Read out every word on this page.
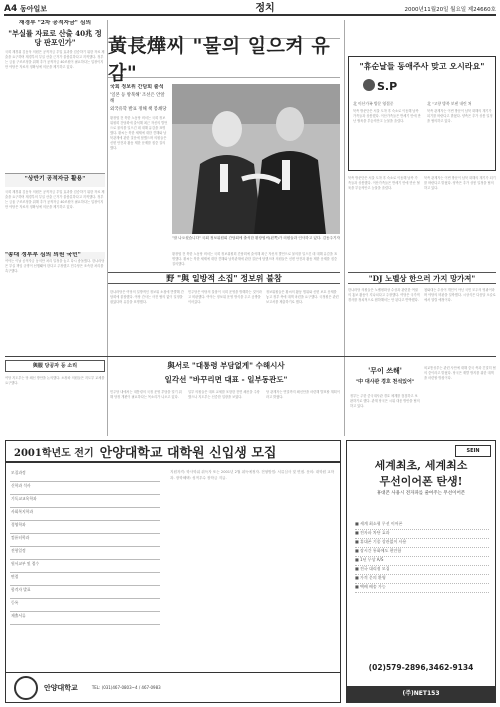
A4 동아일보	정치	2000년11월20일 월요일 제24660호
재경부 "2차 공적자금" 심의
"부실률 자료로 산출 40兆 정당 판포인가"
국회 재경위 김동욱 의원은 공적자금 투입 효과를 검증하기 위한 자료 제출을 요구하며 재경부의 부실 산출 근거가 불충분하다고 지적했다. 정부는 금융 구조조정을 위해 추가 공적자금 40조원이 필요하다는 입장이지만 야당은 자료의 정확성에 의문을 제기하고 있다.
"상반기 공적자금 활용"
국회 재경위 김동욱 의원은 공적자금 투입 효과를 검증하기 위한 자료 제출을 요구하며 재경부의 부실 산출 근거가 불충분하다고 지적했다. 정부는 금융 구조조정을 위해 추가 공적자금 40조원이 필요하다는 입장이지만 야당은 자료의 정확성에 의문을 제기하고 있다.
黃長燁씨 "물의 일으켜 유감"
국회 정보위 간담회 출석
'일본 등 방북해' 조선은 안알해
외국유학 발표 정해 책 봉쇄당
황장엽 전 북한 노동당 비서는 국회 정보위원회 간담회에 출석해 최근 자신의 발언으로 물의를 일으킨 데 대해 유감을 표명했다. 황씨는 북한 체제에 대한 견해와 남북관계에 관한 질문에 답했으며 의원들은 신변 안전과 활동 제한 문제를 집중 질의했다.
"잘 나오셨습니다" 국회 정보위원회 간담회에 출석한 황장엽씨(왼쪽)가 의원들과 인사하고 있다. 김동주기자
황장엽 전 북한 노동당 비서는 국회 정보위원회 간담회에 출석해 최근 자신의 발언으로 물의를 일으킨 데 대해 유감을 표명했다. 황씨는 북한 체제에 대한 견해와 남북관계에 관한 질문에 답했으며 의원들은 신변 안전과 활동 제한 문제를 집중 질의했다.
"휴순날들 동애주사 맞고 오시라요"
S.P
北 이산가족 방문 영접중	北 "고향 방북 보낸 내린 쳐
북측 방문단은 서울 도착 후 숙소로 이동해 남측 가족들과 상봉했다. 이산가족들은 반세기 만에 만난 혈육을 부둥켜안고 눈물을 흘렸다.
북측 관계자는 이번 방문이 남북 화해의 계기가 되기를 바란다고 밝혔다. 양측은 추가 상봉 일정을 협의하고 있다.
북측 방문단은 서울 도착 후 숙소로 이동해 남측 가족들과 상봉했다. 이산가족들은 반세기 만에 만난 혈육을 부둥켜안고 눈물을 흘렸다.
북측 관계자는 이번 방문이 남북 화해의 계기가 되기를 바란다고 밝혔다. 양측은 추가 상봉 일정을 협의하고 있다.
野 "與 일방적 소집" 정보위 불참
한나라당은 여당의 일방적인 정보위 소집에 반발해 간담회에 불참했다. 야당 간사는 사전 협의 없이 일정을 잡았다며 유감을 표명했다.
민주당은 야당의 불참이 국회 운영을 방해하는 것이라고 비판했다. 여야는 정보위 운영 방식을 두고 공방을 이어갔다.
정보위원들은 황씨의 활동 범위와 신변 보호 문제를 놓고 정부 측에 대책 마련을 요구했다. 국정원은 관련 보고서를 제출하기로 했다.
"DJ 노벨상 한으러 가지 망가져"
한나라당 의원들은 노벨평화상 수상과 관련한 여권의 홍보 활동이 지나치다고 주장했다. 여당은 국가적 경사를 정치적으로 폄하해서는 안 된다고 반박했다.
청와대는 수상이 개인이 아닌 국민 모두의 영광이라며 야당의 비판을 일축했다. 시상식은 다음달 오슬로에서 열릴 예정이다.
"송대 정부부 심의 의원 국민"
여야는 이날 공적자금 동의안 처리 일정을 놓고 다시 충돌했다. 한나라당은 부실 책임 규명이 선행돼야 한다고 주장했고 민주당은 조속한 처리를 촉구했다.
'무이 쓰해'
"中 대사관 경호 천석있어"
정부는 주한 중국대사관 경호 체계를 점검하고 보완하기로 했다. 관계 당국은 시위 대응 방안을 협의하고 있다.
외교통상부는 관련 사안에 대해 중국 측과 긴밀히 협의 중이라고 밝혔다. 당국은 재발 방지를 위한 대책을 마련할 방침이다.
與服 당공자 등 소리
여당 지도부는 당 쇄신 방안을 논의했다. 소장파 의원들은 지도부 교체를 요구했다.
與서로 "대통령 부담없게" 수해시사
일각선 "바꾸리면 대표 - 일부동관도"
민주당 내에서는 대통령의 국정 운영 부담을 덜기 위해 당정 개편이 필요하다는 목소리가 나오고 있다.
일부 의원들은 대표 교체를 포함한 전면 쇄신을 주장했으나 지도부는 신중한 입장을 보였다.
당 관계자는 연말까지 쇄신안을 마련해 발표할 계획이라고 밝혔다.
2001학년도 전기 안양대학교 대학원 신입생 모집
모집과정
신학과 석사
기독교교육학과
사회복지학과
경영학과
컴퓨터학과
전형일정
원서교부 및 접수
면접
합격자 발표
등록
제출서류
지원자격: 학사학위 취득자 또는 2001년 2월 취득예정자. 전형방법: 서류심사 및 면접. 문의: 대학원 교학과. 장학혜택: 성적우수 장학금 지급.
안양대학교	TEL: (031)467-0803~4 / 467-0983
SEIN
세계최초, 세계최소
무선이어폰 탄생!
휴대폰 사용시 전자파를 줄여주는 무선이어폰
■ 세계 최소형 무선 이어폰
■ 전자파 차단 효과
■ 휴대폰 기종 상관없이 사용
■ 장시간 통화에도 편안함
■ 1년 무상 A/S
■ 전국 대리점 모집
■ 가격 문의 환영
■ 택배 배송 가능
(02)579-2896,3462-9134
(주)NET153
